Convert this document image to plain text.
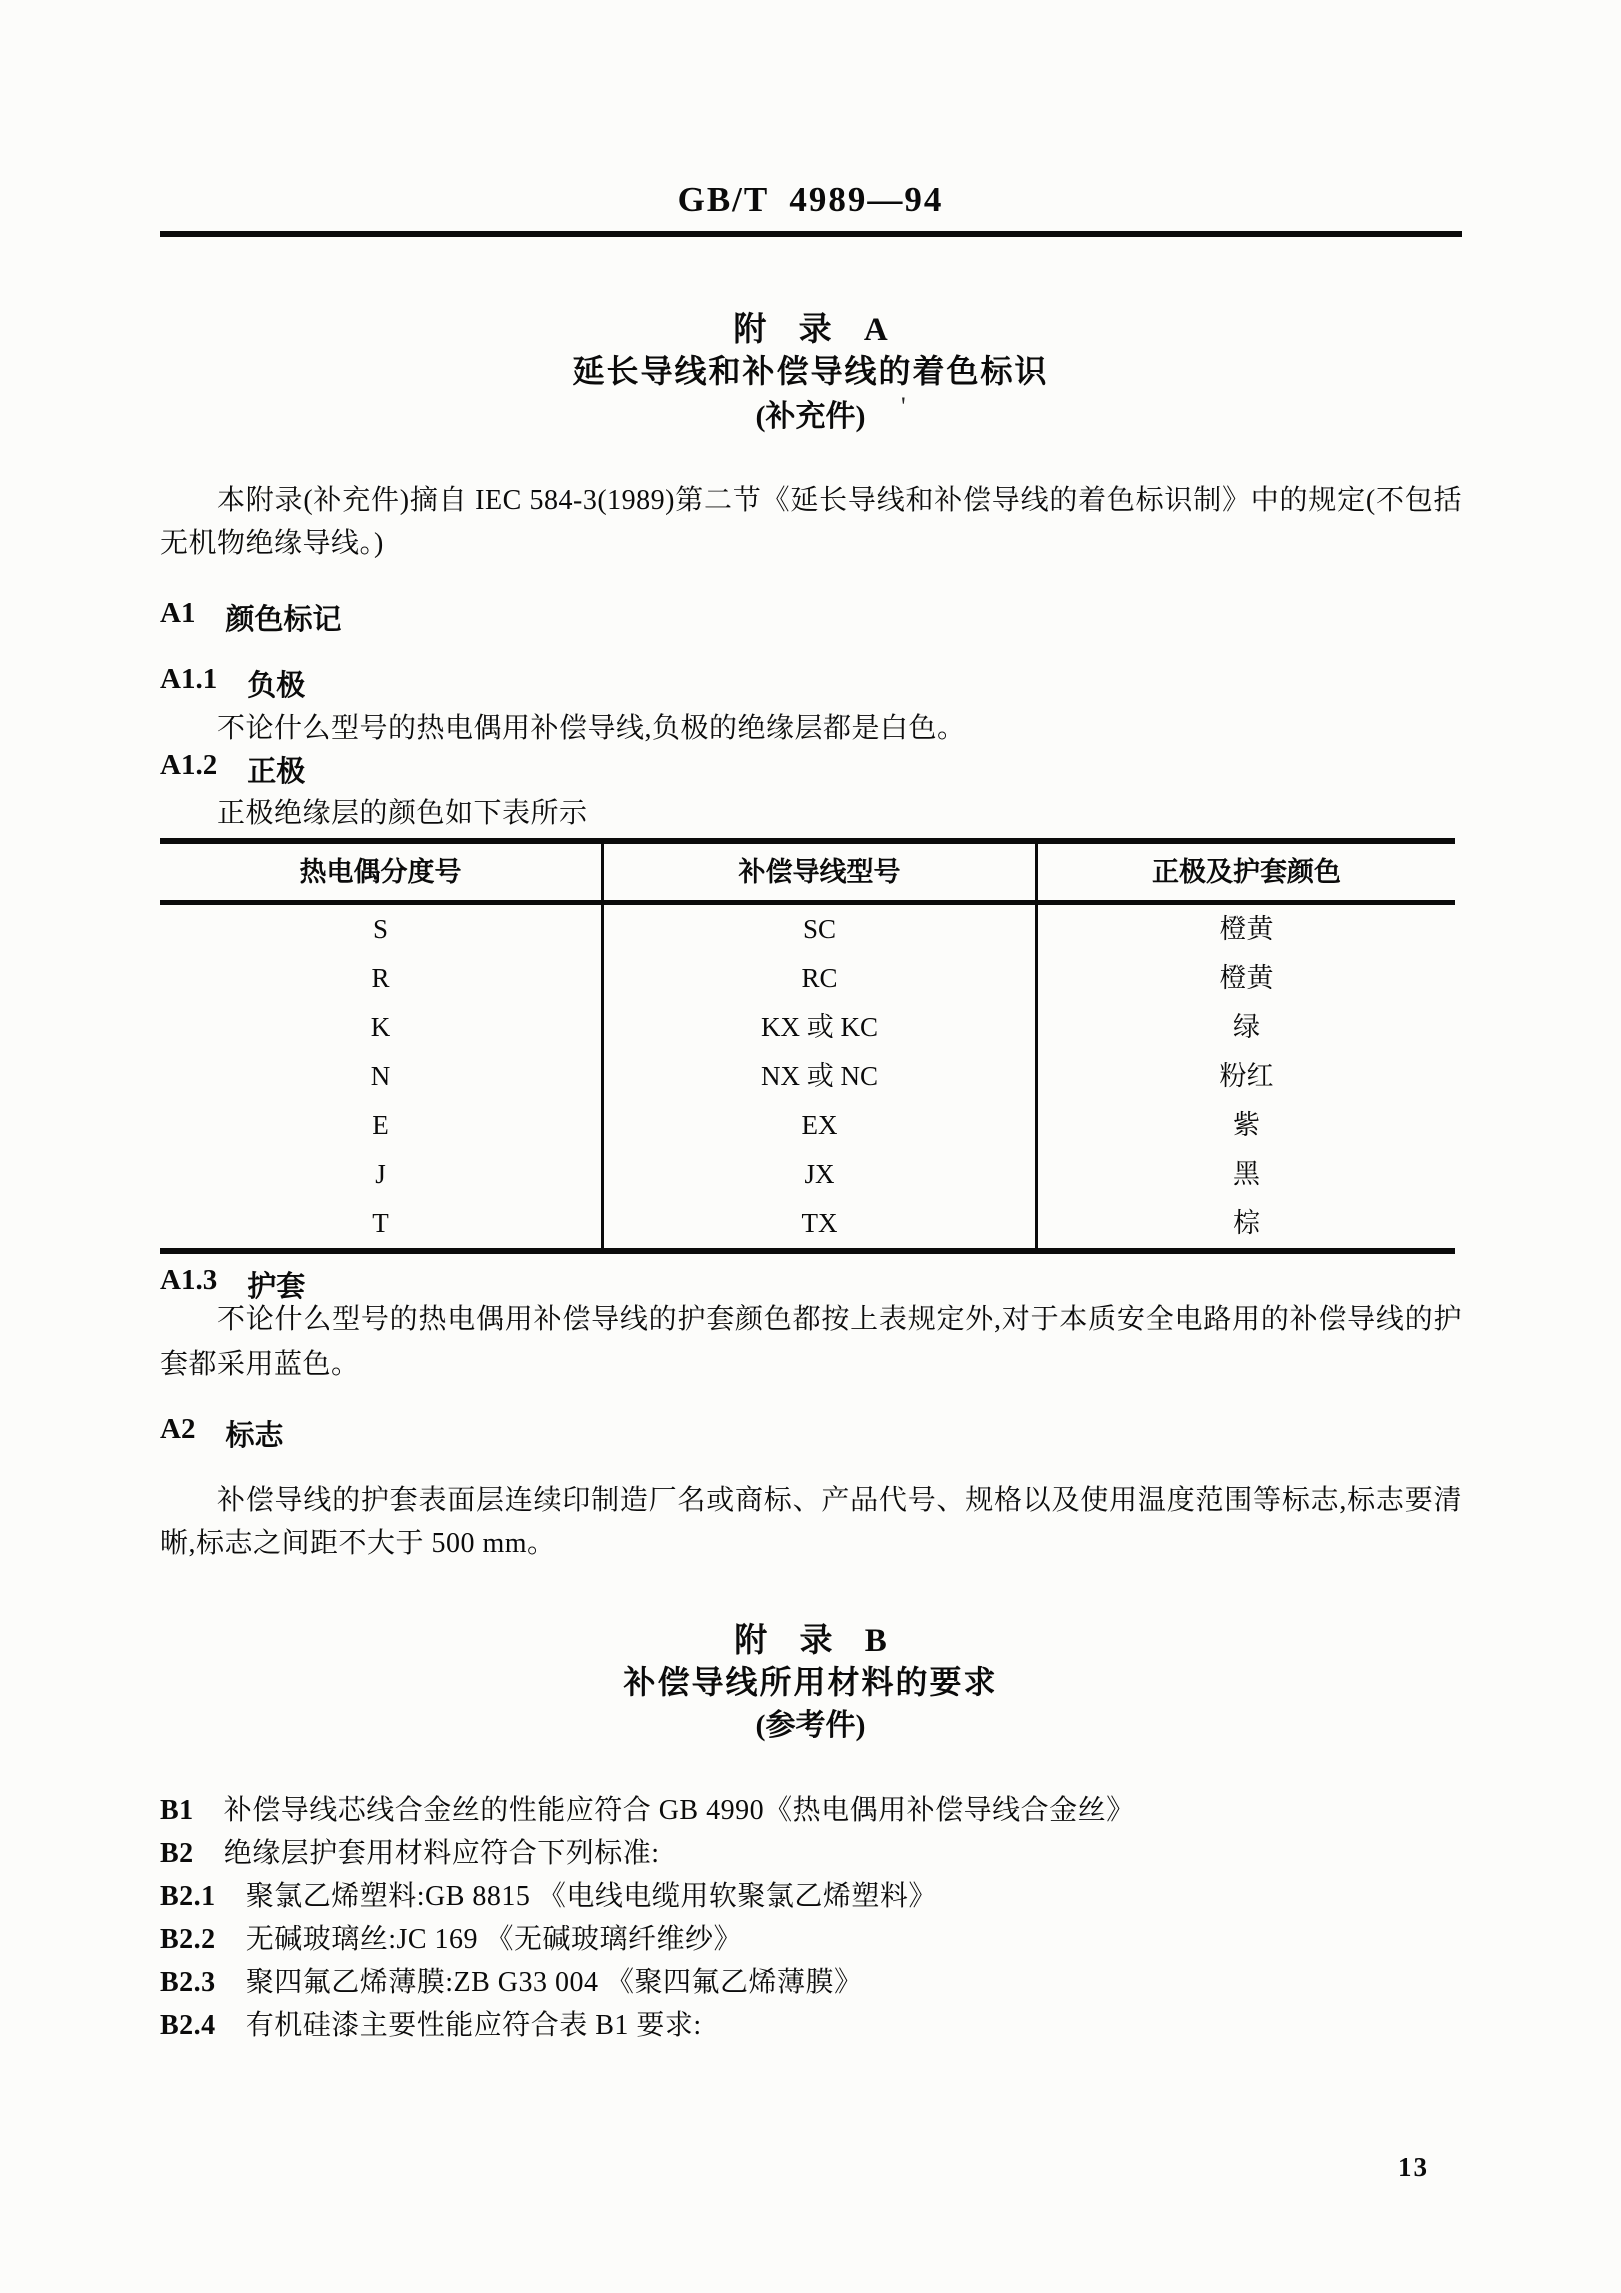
GB/T 4989—94
附 录 A
延长导线和补偿导线的着色标识
(补充件)	'
本附录(补充件)摘自 IEC 584-3(1989)第二节《延长导线和补偿导线的着色标识制》中的规定(不包括无机物绝缘导线。)
A1 颜色标记
A1.1 负极
不论什么型号的热电偶用补偿导线,负极的绝缘层都是白色。
A1.2 正极
正极绝缘层的颜色如下表所示
热电偶分度号	补偿导线型号	正极及护套颜色
S	SC	橙黄
R	RC	橙黄
K	KX 或 KC	绿
N	NX 或 NC	粉红
E	EX	紫
J	JX	黑
T	TX	棕
A1.3 护套
不论什么型号的热电偶用补偿导线的护套颜色都按上表规定外,对于本质安全电路用的补偿导线的护套都采用蓝色。
A2 标志
补偿导线的护套表面层连续印制造厂名或商标、产品代号、规格以及使用温度范围等标志,标志要清晰,标志之间距不大于 500 mm。
附 录 B
补偿导线所用材料的要求
(参考件)
B1 补偿导线芯线合金丝的性能应符合 GB 4990《热电偶用补偿导线合金丝》
B2 绝缘层护套用材料应符合下列标准:
B2.1 聚氯乙烯塑料:GB 8815 《电线电缆用软聚氯乙烯塑料》
B2.2 无碱玻璃丝:JC 169 《无碱玻璃纤维纱》
B2.3 聚四氟乙烯薄膜:ZB G33 004 《聚四氟乙烯薄膜》
B2.4 有机硅漆主要性能应符合表 B1 要求:
13
